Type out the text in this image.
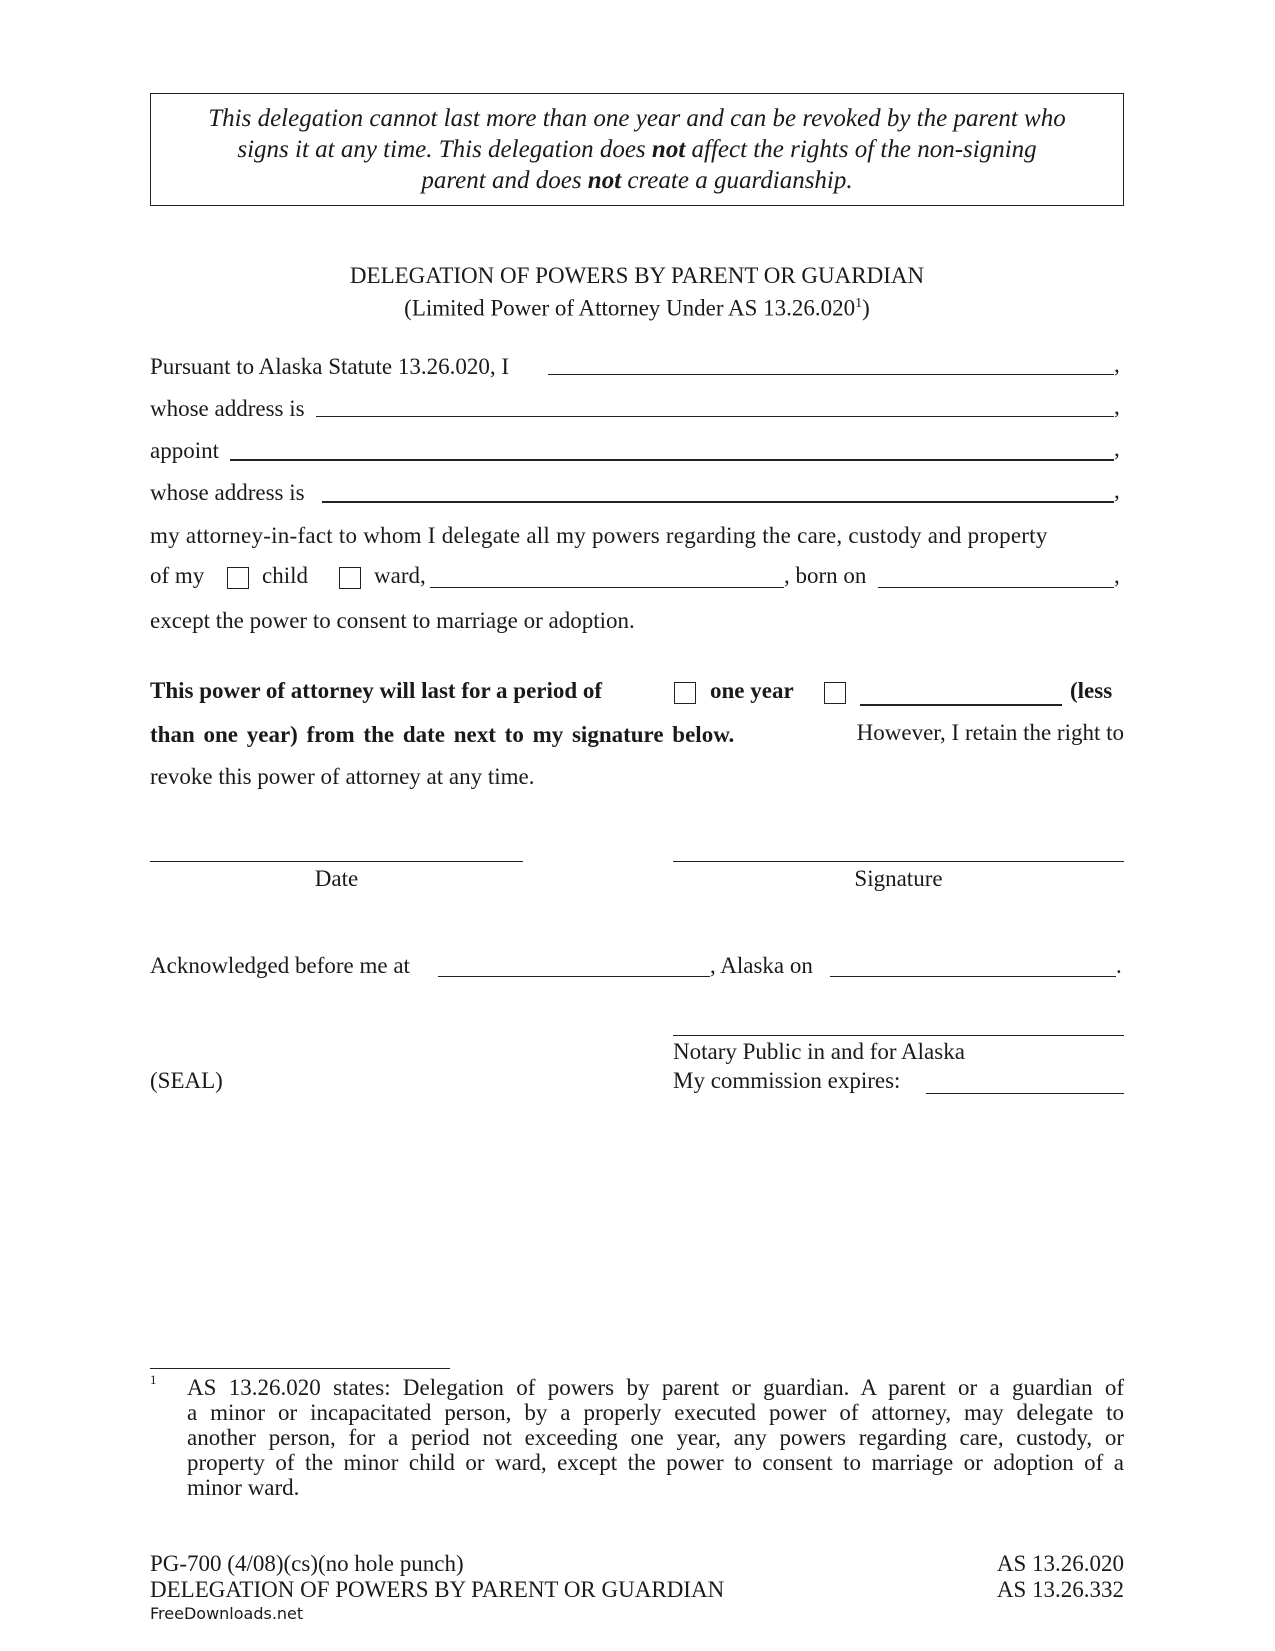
This delegation cannot last more than one year and can be revoked by the parent who
signs it at any time. This delegation does not affect the rights of the non-signing
parent and does not create a guardianship.
DELEGATION OF POWERS BY PARENT OR GUARDIAN
(Limited Power of Attorney Under AS 13.26.020$^1$)
Pursuant to Alaska Statute 13.26.020, I	,
whose address is	,
appoint	,
whose address is	,
my attorney-in-fact to whom I delegate all my powers regarding the care, custody and property
of my	child	ward,	, born on	,
except the power to consent to marriage or adoption.
This power of attorney will last for a period of	one year	(less
than one year) from the date next to my signature below.	However, I retain the right to
revoke this power of attorney at any time.
Date	Signature
Acknowledged before me at	, Alaska on	.
Notary Public in and for Alaska
My commission expires:
(SEAL)
1 AS 13.26.020 states: Delegation of powers by parent or guardian. A parent or a guardian of
a minor or incapacitated person, by a properly executed power of attorney, may delegate to
another person, for a period not exceeding one year, any powers regarding care, custody, or
property of the minor child or ward, except the power to consent to marriage or adoption of a
minor ward.
PG-700 (4/08)(cs)(no hole punch)
DELEGATION OF POWERS BY PARENT OR GUARDIAN
AS 13.26.020
AS 13.26.332
FreeDownloads.net
